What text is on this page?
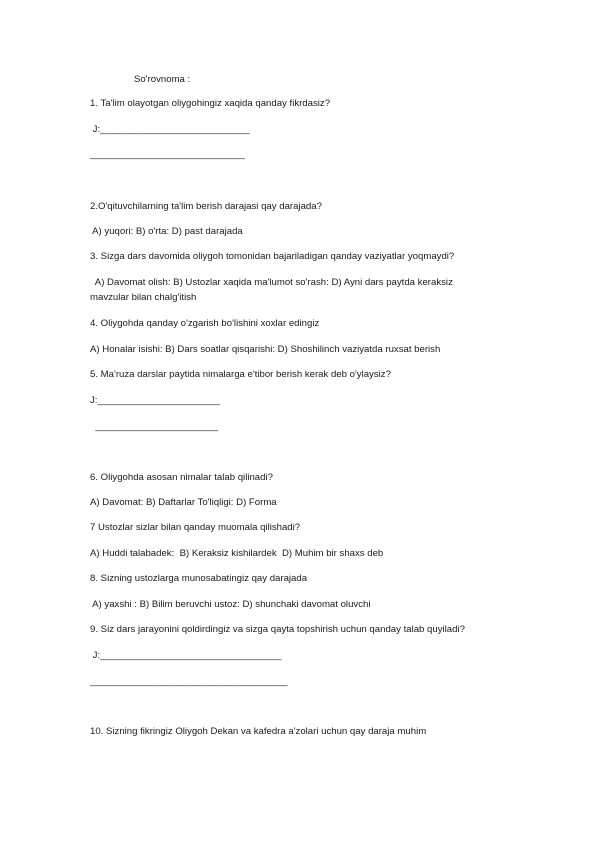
So'rovnoma :
1. Ta'lim olayotgan oliygohingiz xaqida qanday fikrdasiz?
J:____________________________
_____________________________
2.O'qituvchilarning ta'lim berish darajasi qay darajada?
A) yuqori: B) o'rta: D) past darajada
3. Sizga dars davomida oliygoh tomonidan bajariladigan qanday vaziyatlar yoqmaydi?
A) Davomat olish: B) Ustozlar xaqida ma'lumot so'rash: D) Ayni dars paytda keraksiz
mavzular bilan chalg'itish
4. Oliygohda qanday o'zgarish bo'lishini xoxlar edingiz
A) Honalar isishi: B) Dars soatlar qisqarishi: D) Shoshilinch vaziyatda ruxsat berish
5. Ma'ruza darslar paytida nimalarga e'tibor berish kerak deb o'ylaysiz?
J:_______________________
_______________________
6. Oliygohda asosan nimalar talab qilinadi?
A) Davomat: B) Daftarlar To'liqligi: D) Forma
7 Ustozlar sizlar bilan qanday muomala qilishadi?
A) Huddi talabadek:  B) Keraksiz kishilardek  D) Muhim bir shaxs deb
8. Sizning ustozlarga munosabatingiz qay darajada
A) yaxshi : B) Bilim beruvchi ustoz: D) shunchaki davomat oluvchi
9. Siz dars jarayonini qoldirdingiz va sizga qayta topshirish uchun qanday talab quyiladi?
J:__________________________________
_____________________________________
10. Sizning fikringiz Oliygoh Dekan va kafedra a'zolari uchun qay daraja muhim
